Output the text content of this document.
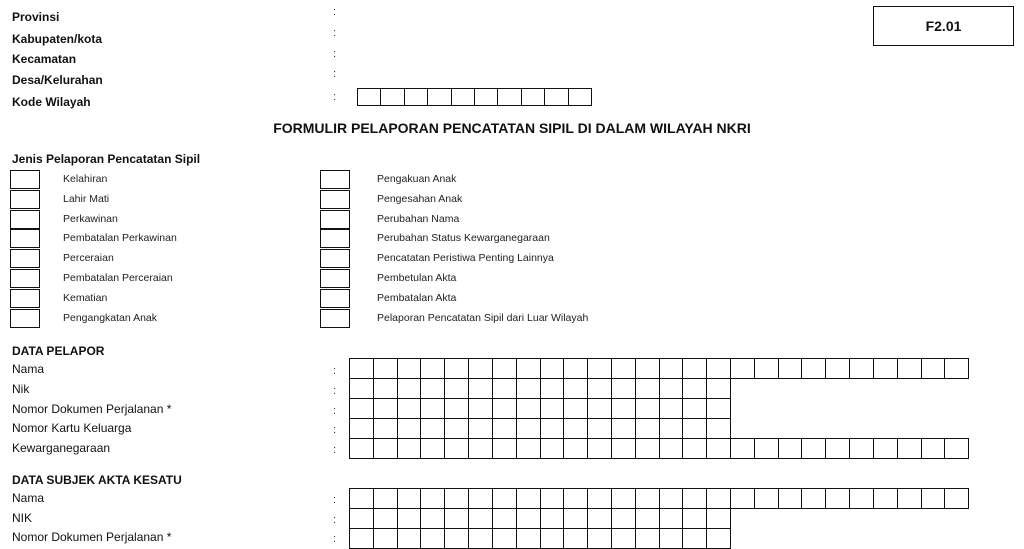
Provinsi	:
Kabupaten/kota	:
Kecamatan	:
Desa/Kelurahan	:
Kode Wilayah	:
F2.01
FORMULIR PELAPORAN PENCATATAN SIPIL DI DALAM WILAYAH NKRI
Jenis Pelaporan Pencatatan Sipil
Kelahiran
Lahir Mati
Perkawinan
Pembatalan Perkawinan
Perceraian
Pembatalan Perceraian
Kematian
Pengangkatan Anak
Pengakuan Anak
Pengesahan Anak
Perubahan Nama
Perubahan Status Kewarganegaraan
Pencatatan Peristiwa Penting Lainnya
Pembetulan Akta
Pembatalan Akta
Pelaporan Pencatatan Sipil dari Luar Wilayah
DATA PELAPOR
Nama	:
Nik	:
Nomor Dokumen Perjalanan *	:
Nomor Kartu Keluarga	:
Kewarganegaraan	:
DATA SUBJEK AKTA KESATU
Nama	:
NIK	:
Nomor Dokumen Perjalanan *	:
